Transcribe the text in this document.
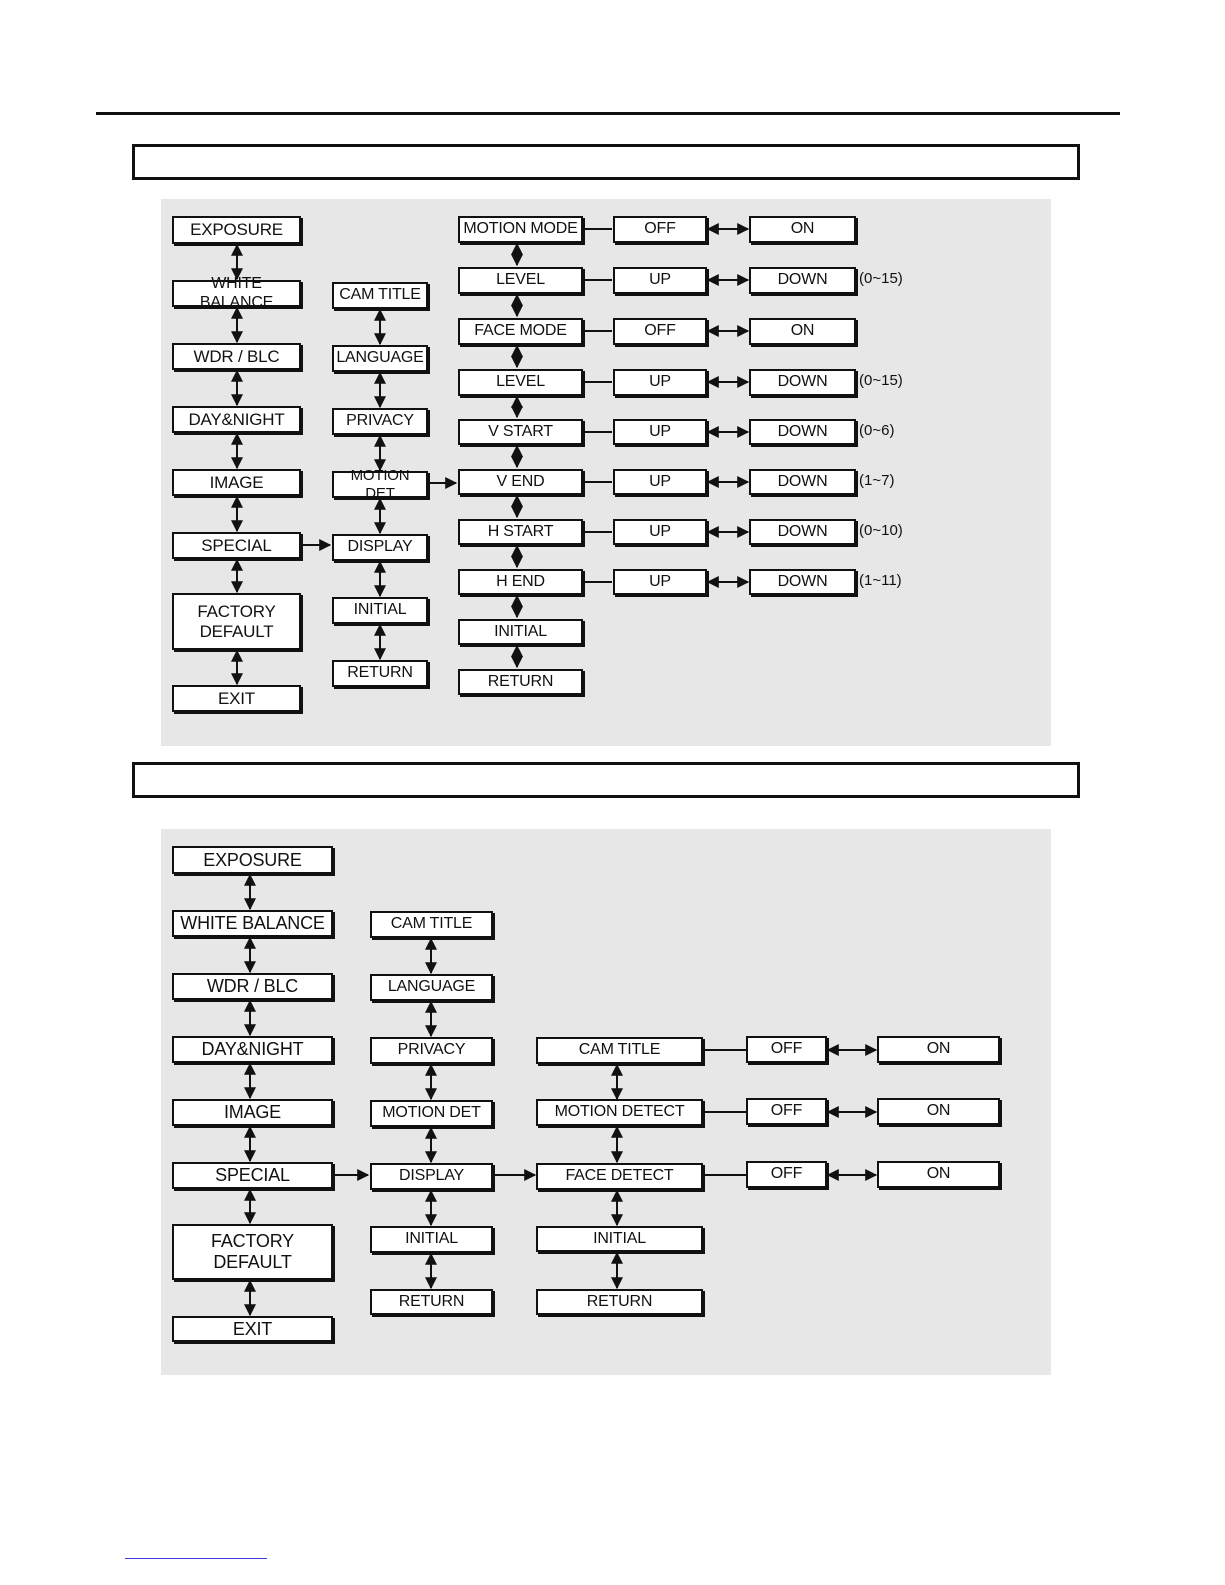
EXPOSURE
WHITE BALANCE
WDR / BLC
DAY&NIGHT
IMAGE
SPECIAL
FACTORY
DEFAULT
EXIT
CAM TITLE
LANGUAGE
PRIVACY
MOTION DET
DISPLAY
INITIAL
RETURN
MOTION MODE
LEVEL
FACE MODE
LEVEL
V START
V END
H START
H END
INITIAL
RETURN
OFF	ON
UP	DOWN	(0~15)
OFF	ON
UP	DOWN	(0~15)
UP	DOWN	(0~6)
UP	DOWN	(1~7)
UP	DOWN	(0~10)
UP	DOWN	(1~11)
EXPOSURE
WHITE BALANCE
WDR / BLC
DAY&NIGHT
IMAGE
SPECIAL
FACTORY
DEFAULT
EXIT
CAM TITLE
LANGUAGE
PRIVACY
MOTION DET
DISPLAY
INITIAL
RETURN
CAM TITLE
MOTION DETECT
FACE DETECT
INITIAL
RETURN
OFF	ON
OFF	ON
OFF	ON
